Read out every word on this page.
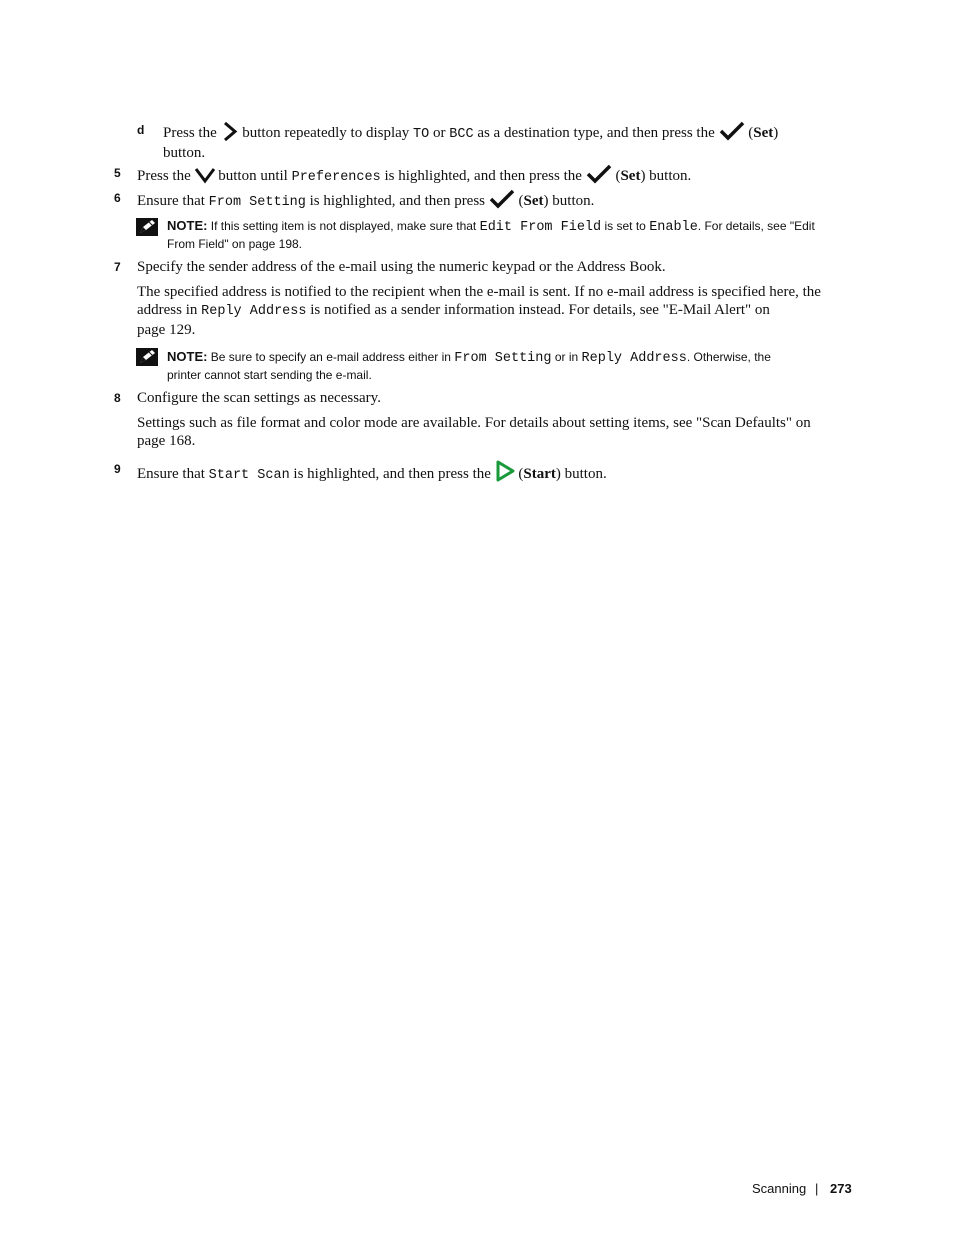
d Press the button repeatedly to display TO or BCC as a destination type, and then press the (Set)
button.
5 Press the button until Preferences is highlighted, and then press the (Set) button.
6 Ensure that From Setting is highlighted, and then press (Set) button.
NOTE: If this setting item is not displayed, make sure that Edit From Field is set to Enable. For details, see "Edit
From Field" on page 198.
7 Specify the sender address of the e-mail using the numeric keypad or the Address Book.
The specified address is notified to the recipient when the e-mail is sent. If no e-mail address is specified here, the
address in Reply Address is notified as a sender information instead. For details, see "E-Mail Alert" on
page 129.
NOTE: Be sure to specify an e-mail address either in From Setting or in Reply Address. Otherwise, the
printer cannot start sending the e-mail.
8 Configure the scan settings as necessary.
Settings such as file format and color mode are available. For details about setting items, see "Scan Defaults" on
page 168.
9 Ensure that Start Scan is highlighted, and then press the (Start) button.
Scanning | 273
